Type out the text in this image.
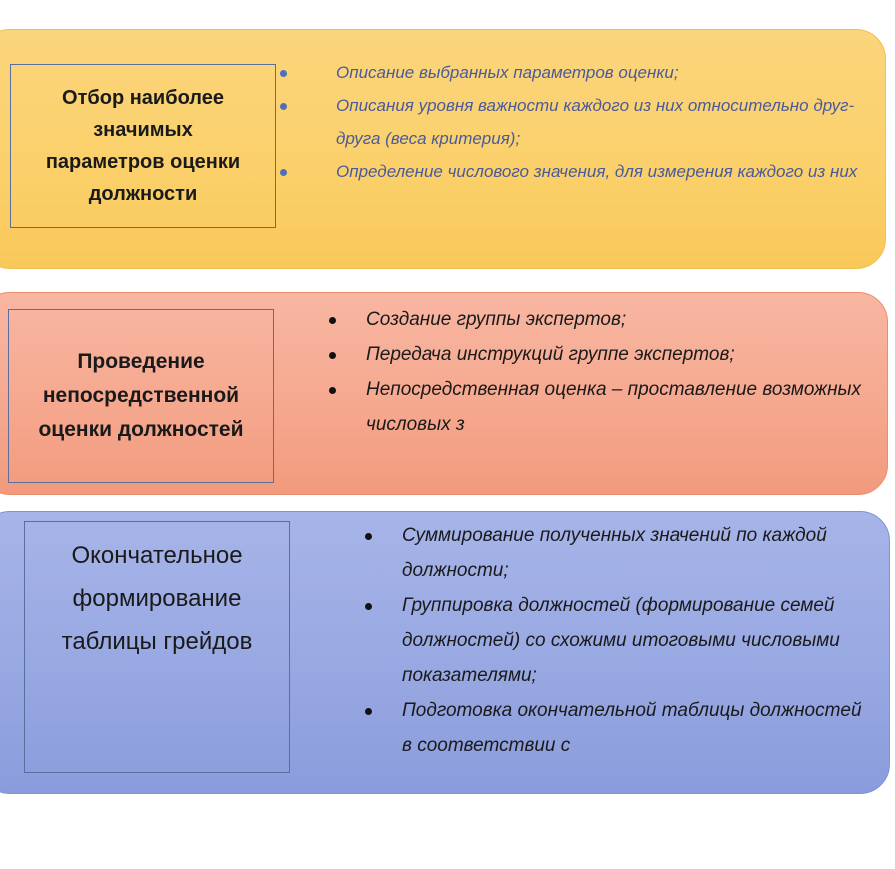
Отбор наиболее
значимых
параметров оценки
должности
Проведение
непосредственной
оценки должностей
Окончательное
формирование
таблицы грейдов
Описание выбранных параметров оценки;
Описания уровня важности каждого из них относительно друг-друга (веса критерия);
Определение числового значения, для измерения каждого из них
Создание группы экспертов;
Передача инструкций группе экспертов;
Непосредственная оценка – проставление возможных числовых з
Суммирование полученных значений по каждой должности;
Группировка должностей (формирование семей должностей) со схожими итоговыми числовыми показателями;
Подготовка окончательной таблицы должностей в соответствии с
